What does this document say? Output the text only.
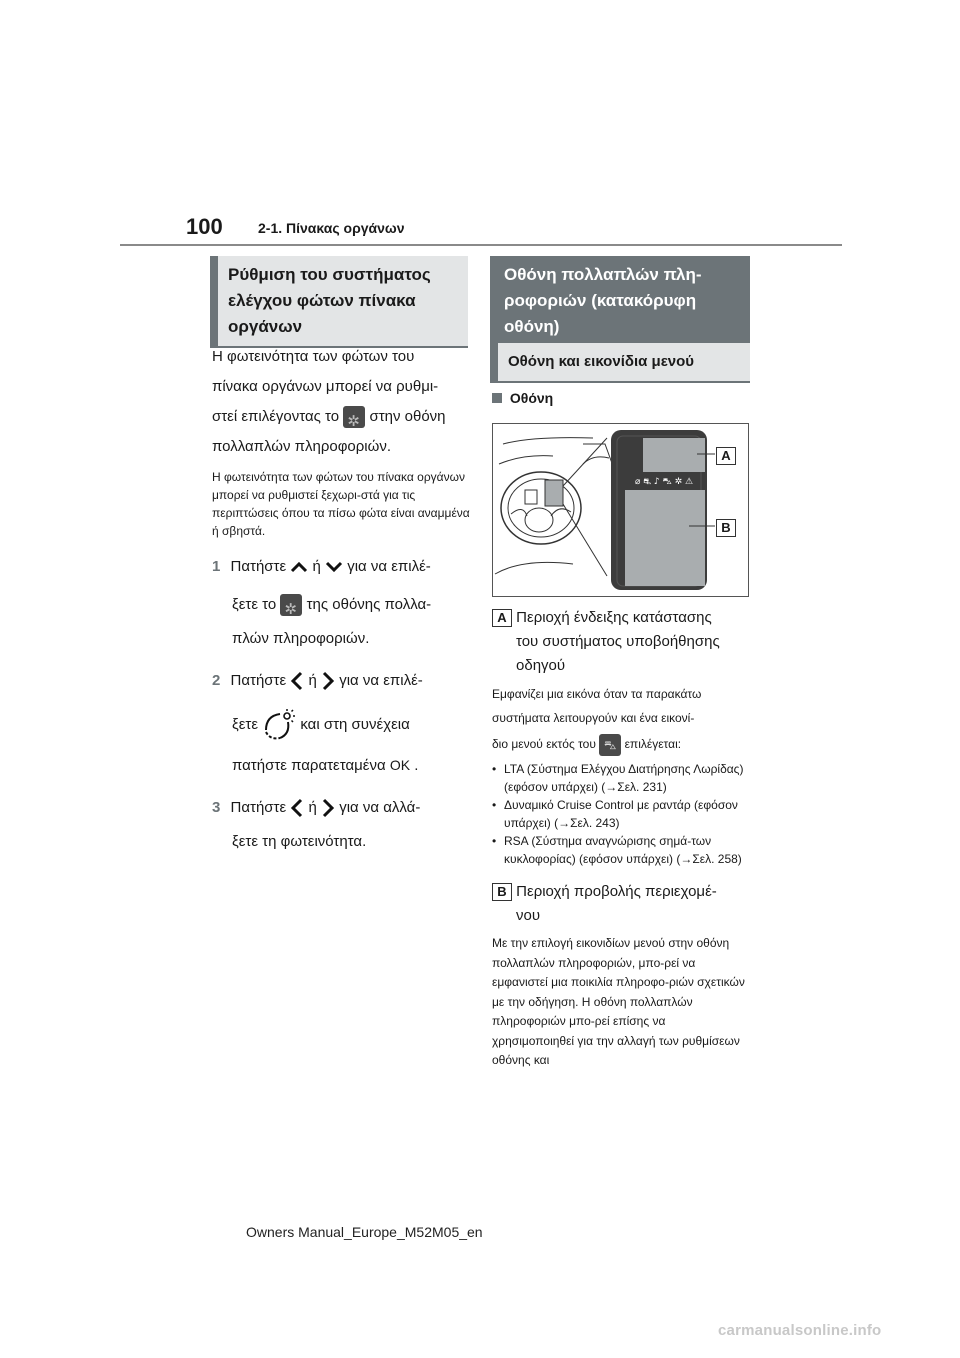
100	2-1. Πίνακας οργάνων
Ρύθμιση του συστήματος ελέγχου φώτων πίνακα οργάνων
Η φωτεινότητα των φώτων του
πίνακα οργάνων μπορεί να ρυθμι-
στεί επιλέγοντας το ✲ στην οθόνη
πολλαπλών πληροφοριών.
Η φωτεινότητα των φώτων του πίνακα οργάνων μπορεί να ρυθμιστεί ξεχωρι-στά για τις περιπτώσεις όπου τα πίσω φώτα είναι αναμμένα ή σβηστά.
1 Πατήστε ή για να επιλέ-
ξετε το ✲ της οθόνης πολλα-
πλών πληροφοριών.
2 Πατήστε ή για να επιλέ-
ξετε	και στη συνέχεια
πατήστε παρατεταμένα OK .
3 Πατήστε ή για να αλλά-
ξετε τη φωτεινότητα.
Οθόνη πολλαπλών πλη-ροφοριών (κατακόρυφη οθόνη)
Οθόνη και εικονίδια μενού
Οθόνη
⌀ ⛐ ♪ ⛍ ✲ ⚠
A
B
A Περιοχή ένδειξης κατάστασης
του συστήματος υποβοήθησης
οδηγού
Εμφανίζει μια εικόνα όταν τα παρακάτω
συστήματα λειτουργούν και ένα εικονί-
διο μενού εκτός του ⛍ επιλέγεται:
• LTA (Σύστημα Ελέγχου Διατήρησης Λωρίδας) (εφόσον υπάρχει) (→Σελ. 231)
• Δυναμικό Cruise Control με ραντάρ (εφόσον υπάρχει) (→Σελ. 243)
• RSA (Σύστημα αναγνώρισης σημά-των κυκλοφορίας) (εφόσον υπάρχει) (→Σελ. 258)
B Περιοχή προβολής περιεχομέ-
νου
Με την επιλογή εικονιδίων μενού στην οθόνη πολλαπλών πληροφοριών, μπο-ρεί να εμφανιστεί μια ποικιλία πληροφο-ριών σχετικών με την οδήγηση. Η οθόνη πολλαπλών πληροφοριών μπο-ρεί επίσης να χρησιμοποιηθεί για την αλλαγή των ρυθμίσεων οθόνης και
Owners Manual_Europe_M52M05_en
carmanualsonline.info
